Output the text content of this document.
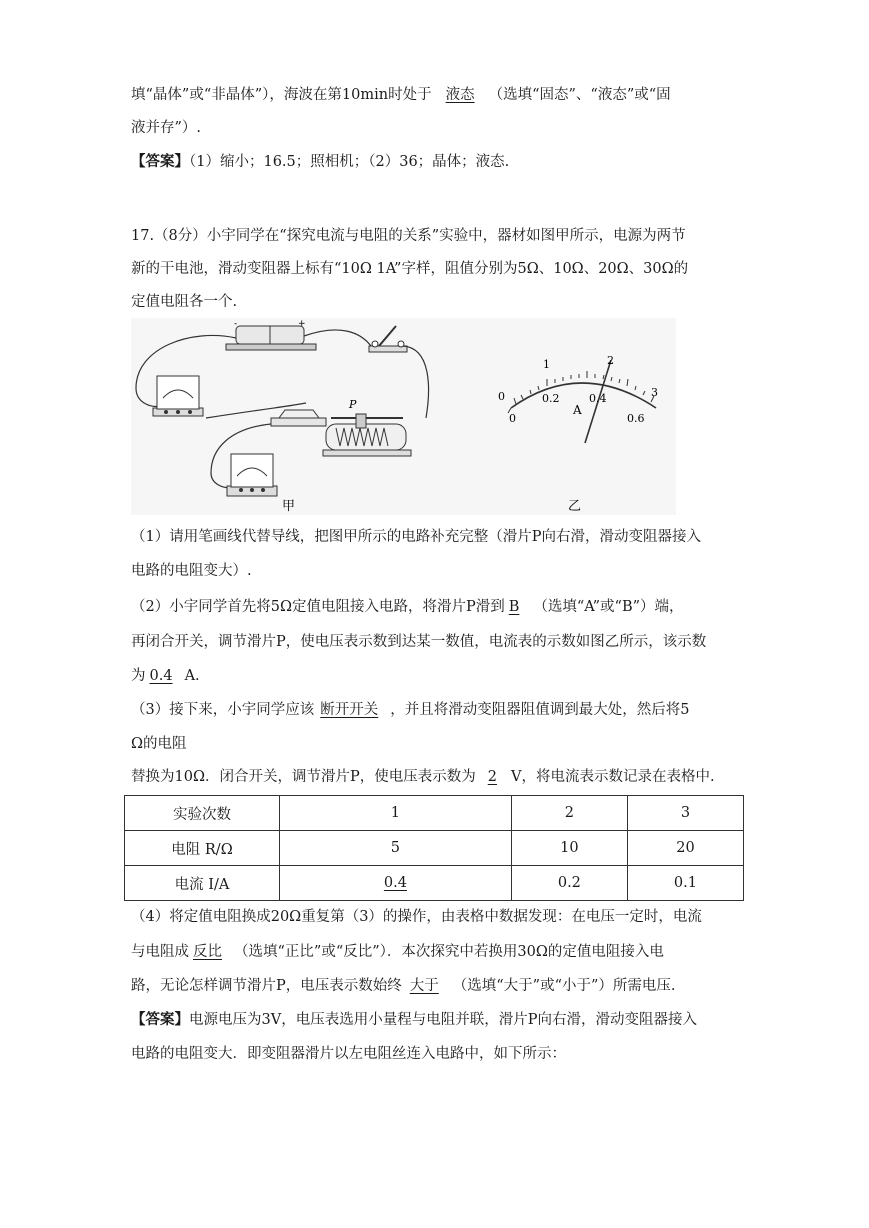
填“晶体”或“非晶体”），海波在第10min时处于 液态 （选填“固态”、“液态”或“固
液并存”）.
【答案】（1）缩小；16.5；照相机；（2）36；晶体；液态.
17.（8分）小宇同学在“探究电流与电阻的关系”实验中，器材如图甲所示，电源为两节
新的干电池，滑动变阻器上标有“10Ω 1A”字样，阻值分别为5Ω、10Ω、20Ω、30Ω的
定值电阻各一个.
-	+
P
甲
0
1	2
3
0
0.2	0.4
0.6
A
乙
（1）请用笔画线代替导线，把图甲所示的电路补充完整（滑片P向右滑，滑动变阻器接入
电路的电阻变大）.
（2）小宇同学首先将5Ω定值电阻接入电路，将滑片P滑到 B （选填“A”或“B”）端，
再闭合开关，调节滑片P，使电压表示数到达某一数值，电流表的示数如图乙所示，该示数
为 0.4 A.
（3）接下来，小宇同学应该 断开开关 ，并且将滑动变阻器阻值调到最大处，然后将5
Ω的电阻
替换为10Ω．闭合开关，调节滑片P，使电压表示数为 2 V，将电流表示数记录在表格中.
实验次数	1	2	3
电阻 R/Ω	5	10	20
电流 I/A	0.4	0.2	0.1
（4）将定值电阻换成20Ω重复第（3）的操作，由表格中数据发现：在电压一定时，电流
与电阻成 反比 （选填“正比”或“反比”）．本次探究中若换用30Ω的定值电阻接入电
路，无论怎样调节滑片P，电压表示数始终 大于 （选填“大于”或“小于”）所需电压.
【答案】电源电压为3V，电压表选用小量程与电阻并联，滑片P向右滑，滑动变阻器接入
电路的电阻变大．即变阻器滑片以左电阻丝连入电路中，如下所示：
